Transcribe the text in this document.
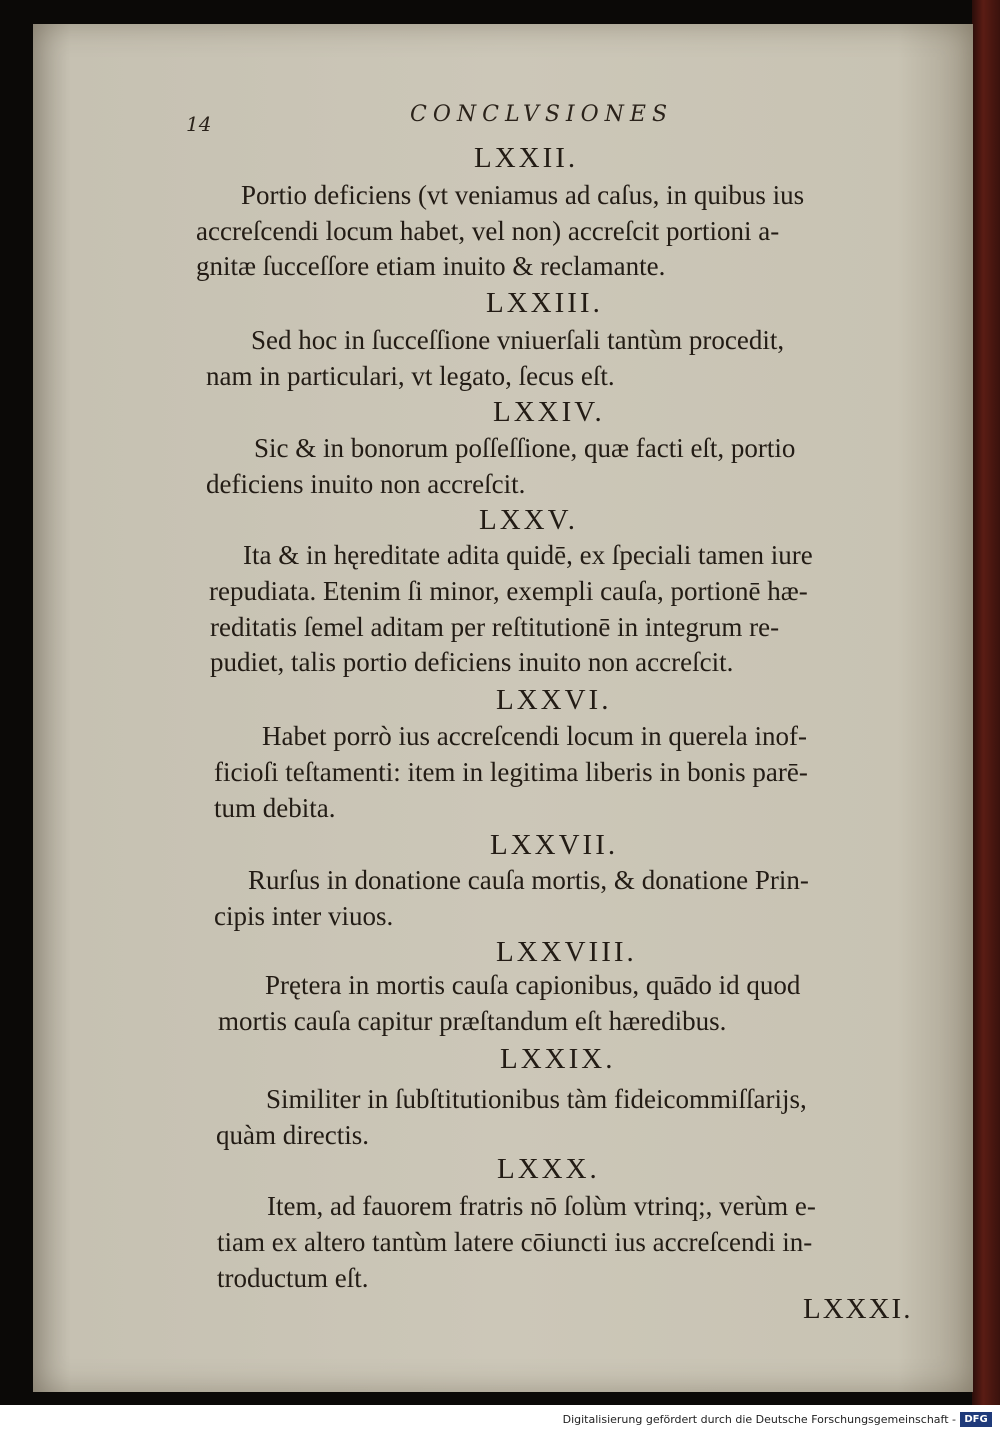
14	CONCLVSIONES
LXXII.
Portio deficiens (vt veniamus ad caſus, in quibus ius
accreſcendi locum habet, vel non) accreſcit portioni a-
gnitæ ſucceſſore etiam inuito & reclamante.
LXXIII.
Sed hoc in ſucceſſione vniuerſali tantùm procedit,
nam in particulari, vt legato, ſecus eſt.
LXXIV.
Sic & in bonorum poſſeſſione, quæ facti eſt, portio
deficiens inuito non accreſcit.
LXXV.
Ita & in hęreditate adita quidē, ex ſpeciali tamen iure
repudiata. Etenim ſi minor, exempli cauſa, portionē hæ-
reditatis ſemel aditam per reſtitutionē in integrum re-
pudiet, talis portio deficiens inuito non accreſcit.
LXXVI.
Habet porrò ius accreſcendi locum in querela inof-
ficioſi teſtamenti: item in legitima liberis in bonis parē-
tum debita.
LXXVII.
Rurſus in donatione cauſa mortis, & donatione Prin-
cipis inter viuos.
LXXVIII.
Prętera in mortis cauſa capionibus, quādo id quod
mortis cauſa capitur præſtandum eſt hæredibus.
LXXIX.
Similiter in ſubſtitutionibus tàm fideicommiſſarijs,
quàm directis.
LXXX.
Item, ad fauorem fratris nō ſolùm vtrinq;, verùm e-
tiam ex altero tantùm latere cōiuncti ius accreſcendi in-
troductum eſt.
LXXXI.
Digitalisierung gefördert durch die Deutsche Forschungsgemeinschaft - DFG
